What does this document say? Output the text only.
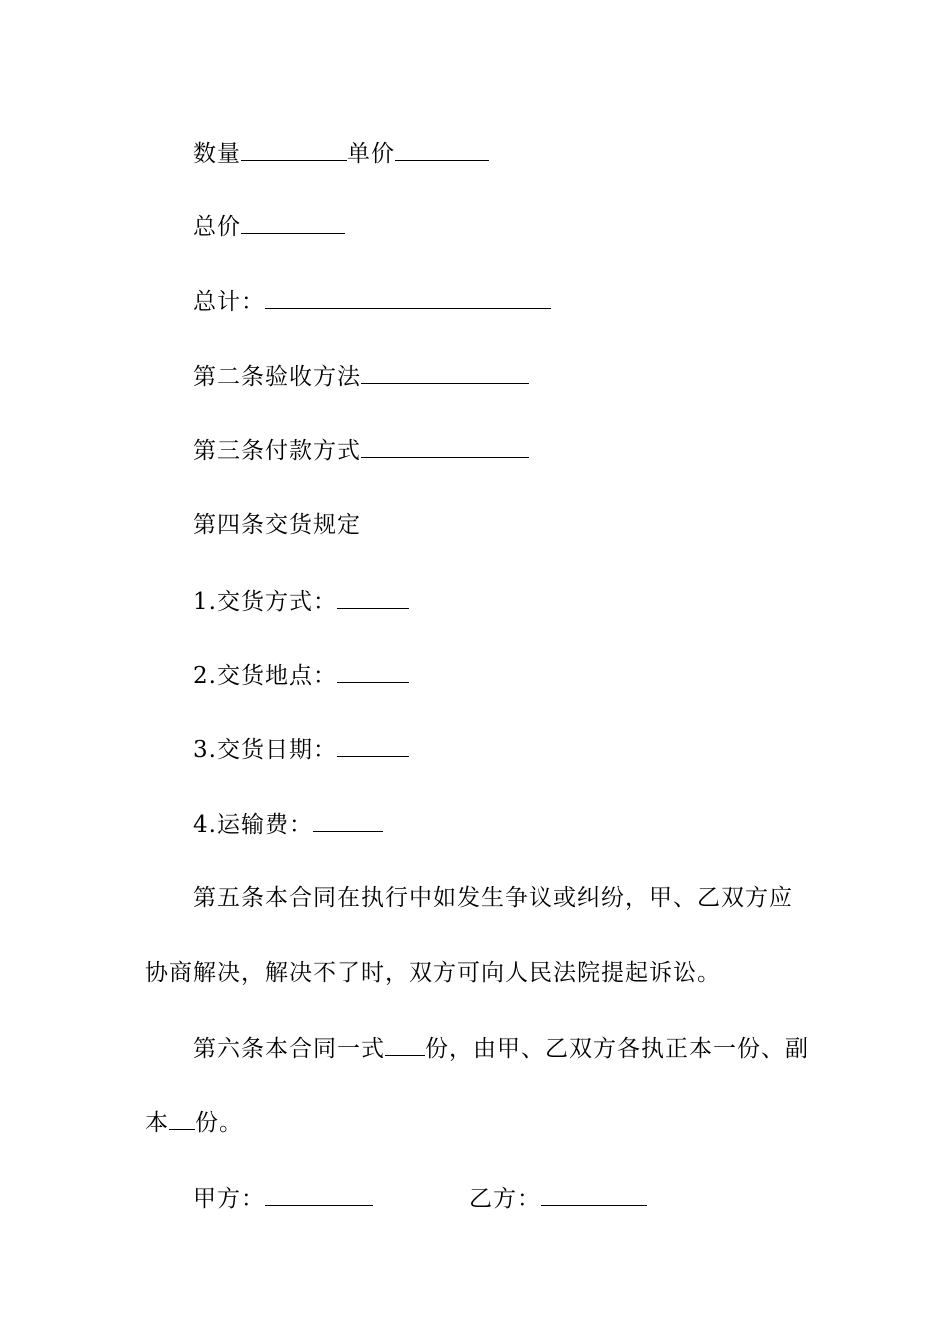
数量	单价
总价
总计：
第二条验收方法
第三条付款方式
第四条交货规定
1.交货方式：
2.交货地点：
3.交货日期：
4.运输费：
第五条本合同在执行中如发生争议或纠纷，甲、乙双方应
协商解决，解决不了时，双方可向人民法院提起诉讼。
第六条本合同一式 份，由甲、乙双方各执正本一份、副
本 份。
甲方：	乙方：
